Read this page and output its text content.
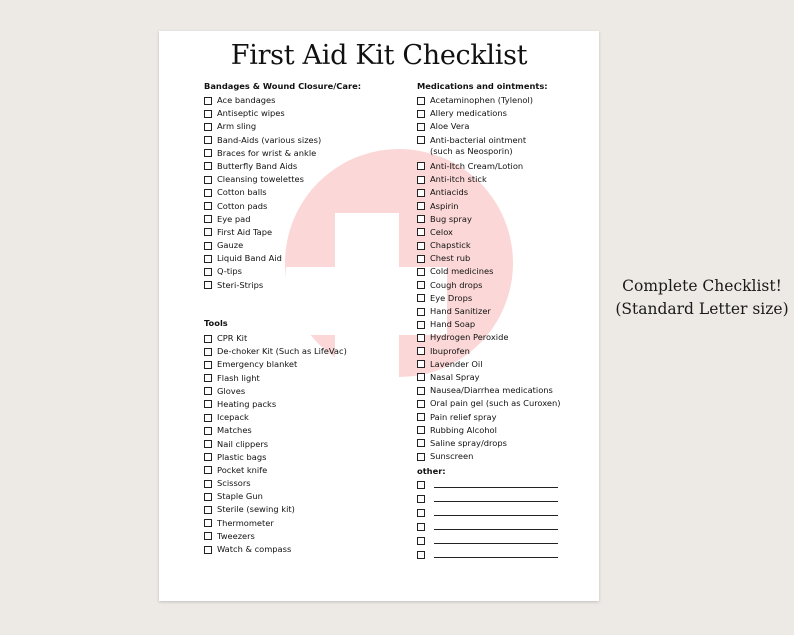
First Aid Kit Checklist
Bandages & Wound Closure/Care:
Ace bandages
Antiseptic wipes
Arm sling
Band-Aids (various sizes)
Braces for wrist & ankle
Butterfly Band Aids
Cleansing towelettes
Cotton balls
Cotton pads
Eye pad
First Aid Tape
Gauze
Liquid Band Aid
Q-tips
Steri-Strips
Tools
CPR Kit
De-choker Kit (Such as LifeVac)
Emergency blanket
Flash light
Gloves
Heating packs
Icepack
Matches
Nail clippers
Plastic bags
Pocket knife
Scissors
Staple Gun
Sterile (sewing kit)
Thermometer
Tweezers
Watch & compass
Medications and ointments:
Acetaminophen (Tylenol)
Allery medications
Aloe Vera
Anti-bacterial ointment
(such as Neosporin)
Anti-Itch Cream/Lotion
Anti-itch stick
Antiacids
Aspirin
Bug spray
Celox
Chapstick
Chest rub
Cold medicines
Cough drops
Eye Drops
Hand Sanitizer
Hand Soap
Hydrogen Peroxide
Ibuprofen
Lavender Oil
Nasal Spray
Nausea/Diarrhea medications
Oral pain gel (such as Curoxen)
Pain relief spray
Rubbing Alcohol
Saline spray/drops
Sunscreen
other:
Complete Checklist!
(Standard Letter size)
